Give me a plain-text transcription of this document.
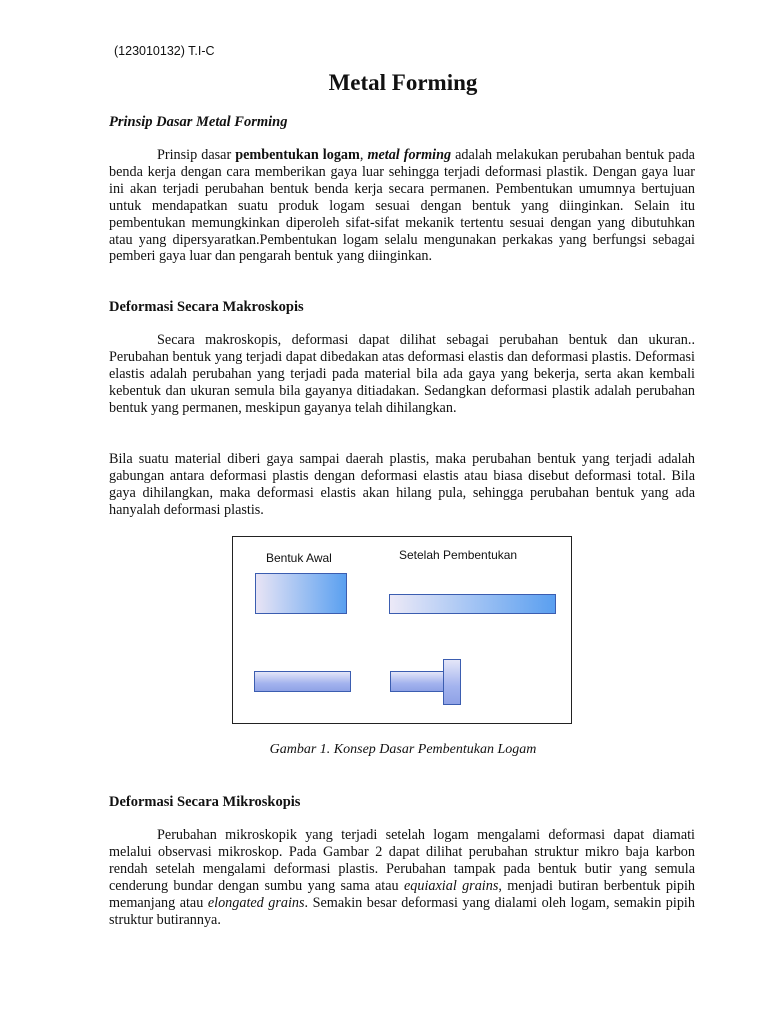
(123010132) T.I-C
Metal Forming
Prinsip Dasar Metal Forming
Prinsip dasar pembentukan logam, metal forming adalah melakukan perubahan bentuk pada benda kerja dengan cara memberikan gaya luar sehingga terjadi deformasi plastik. Dengan gaya luar ini akan terjadi perubahan bentuk benda kerja secara permanen. Pembentukan umumnya bertujuan untuk mendapatkan suatu produk logam sesuai dengan bentuk yang diinginkan. Selain itu pembentukan memungkinkan diperoleh sifat-sifat mekanik tertentu sesuai dengan yang dibutuhkan atau yang dipersyaratkan.Pembentukan logam selalu mengunakan perkakas yang berfungsi sebagai pemberi gaya luar dan pengarah bentuk yang diinginkan.
Deformasi Secara Makroskopis
Secara makroskopis, deformasi dapat dilihat sebagai perubahan bentuk dan ukuran.. Perubahan bentuk yang terjadi dapat dibedakan atas deformasi elastis dan deformasi plastis. Deformasi elastis adalah perubahan yang terjadi pada material bila ada gaya yang bekerja, serta akan kembali kebentuk dan ukuran semula bila gayanya ditiadakan. Sedangkan deformasi plastik adalah perubahan bentuk yang permanen, meskipun gayanya telah dihilangkan.
Bila suatu material diberi gaya sampai daerah plastis, maka perubahan bentuk yang terjadi adalah gabungan antara deformasi plastis dengan deformasi elastis atau biasa disebut deformasi total. Bila gaya dihilangkan, maka deformasi elastis akan hilang pula, sehingga perubahan bentuk yang ada hanyalah deformasi plastis.
Bentuk Awal	Setelah Pembentukan
Gambar 1. Konsep Dasar Pembentukan Logam
Deformasi Secara Mikroskopis
Perubahan mikroskopik yang terjadi setelah logam mengalami deformasi dapat diamati melalui observasi mikroskop. Pada Gambar 2 dapat dilihat perubahan struktur mikro baja karbon rendah setelah mengalami deformasi plastis. Perubahan tampak pada bentuk butir yang semula cenderung bundar dengan sumbu yang sama atau equiaxial grains, menjadi butiran berbentuk pipih memanjang atau elongated grains. Semakin besar deformasi yang dialami oleh logam, semakin pipih struktur butirannya.
